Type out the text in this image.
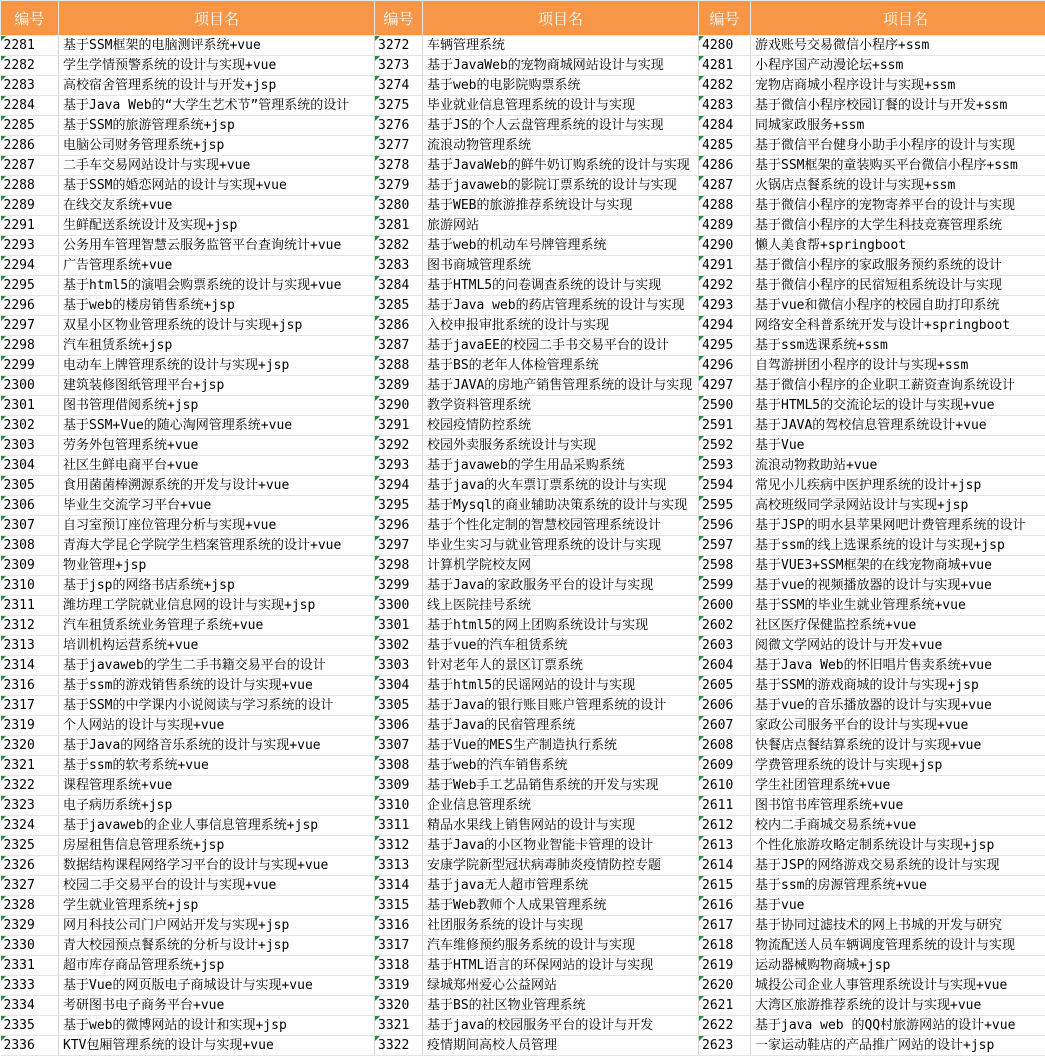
编号	项目名	编号	项目名	编号	项目名
2281	基于SSM框架的电脑测评系统+vue	3272	车辆管理系统	4280	游戏账号交易微信小程序+ssm
2282	学生学情预警系统的设计与实现+vue	3273	基于JavaWeb的宠物商城网站设计与实现	4281	小程序国产动漫论坛+ssm
2283	高校宿舍管理系统的设计与开发+jsp	3274	基于web的电影院购票系统	4282	宠物店商城小程序设计与实现+ssm
2284	基于Java Web的“大学生艺术节”管理系统的设计	3275	毕业就业信息管理系统的设计与实现	4283	基于微信小程序校园订餐的设计与开发+ssm
2285	基于SSM的旅游管理系统+jsp	3276	基于JS的个人云盘管理系统的设计与实现	4284	同城家政服务+ssm
2286	电脑公司财务管理系统+jsp	3277	流浪动物管理系统	4285	基于微信平台健身小助手小程序的设计与实现
2287	二手车交易网站设计与实现+vue	3278	基于JavaWeb的鲜牛奶订购系统的设计与实现	4286	基于SSM框架的童装购买平台微信小程序+ssm
2288	基于SSM的婚恋网站的设计与实现+vue	3279	基于javaweb的影院订票系统的设计与实现	4287	火锅店点餐系统的设计与实现+ssm
2289	在线交友系统+vue	3280	基于WEB的旅游推荐系统设计与实现	4288	基于微信小程序的宠物寄养平台的设计与实现
2291	生鲜配送系统设计及实现+jsp	3281	旅游网站	4289	基于微信小程序的大学生科技竞赛管理系统
2293	公务用车管理智慧云服务监管平台查询统计+vue	3282	基于web的机动车号牌管理系统	4290	懒人美食帮+springboot
2294	广告管理系统+vue	3283	图书商城管理系统	4291	基于微信小程序的家政服务预约系统的设计
2295	基于html5的演唱会购票系统的设计与实现+vue	3284	基于HTML5的问卷调查系统的设计与实现	4292	基于微信小程序的民宿短租系统设计与实现
2296	基于web的楼房销售系统+jsp	3285	基于Java web的药店管理系统的设计与实现	4293	基于vue和微信小程序的校园自助打印系统
2297	双星小区物业管理系统的设计与实现+jsp	3286	入校申报审批系统的设计与实现	4294	网络安全科普系统开发与设计+springboot
2298	汽车租赁系统+jsp	3287	基于javaEE的校园二手书交易平台的设计	4295	基于ssm选课系统+ssm
2299	电动车上牌管理系统的设计与实现+jsp	3288	基于BS的老年人体检管理系统	4296	自驾游拼团小程序的设计与实现+ssm
2300	建筑装修图纸管理平台+jsp	3289	基于JAVA的房地产销售管理系统的设计与实现	4297	基于微信小程序的企业职工薪资查询系统设计
2301	图书管理借阅系统+jsp	3290	教学资料管理系统	2590	基于HTML5的交流论坛的设计与实现+vue
2302	基于SSM+Vue的随心淘网管理系统+vue	3291	校园疫情防控系统	2591	基于JAVA的驾校信息管理系统设计+vue
2303	劳务外包管理系统+vue	3292	校园外卖服务系统设计与实现	2592	基于Vue
2304	社区生鲜电商平台+vue	3293	基于javaweb的学生用品采购系统	2593	流浪动物救助站+vue
2305	食用菌菌棒溯源系统的开发与设计+vue	3294	基于java的火车票订票系统的设计与实现	2594	常见小儿疾病中医护理系统的设计+jsp
2306	毕业生交流学习平台+vue	3295	基于Mysql的商业辅助决策系统的设计与实现	2595	高校班级同学录网站设计与实现+jsp
2307	自习室预订座位管理分析与实现+vue	3296	基于个性化定制的智慧校园管理系统设计	2596	基于JSP的明水县苹果网吧计费管理系统的设计
2308	青海大学昆仑学院学生档案管理系统的设计+vue	3297	毕业生实习与就业管理系统的设计与实现	2597	基于ssm的线上选课系统的设计与实现+jsp
2309	物业管理+jsp	3298	计算机学院校友网	2598	基于VUE3+SSM框架的在线宠物商城+vue
2310	基于jsp的网络书店系统+jsp	3299	基于Java的家政服务平台的设计与实现	2599	基于vue的视频播放器的设计与实现+vue
2311	潍坊理工学院就业信息网的设计与实现+jsp	3300	线上医院挂号系统	2600	基于SSM的毕业生就业管理系统+vue
2312	汽车租赁系统业务管理子系统+vue	3301	基于html5的网上团购系统设计与实现	2602	社区医疗保健监控系统+vue
2313	培训机构运营系统+vue	3302	基于vue的汽车租赁系统	2603	阅微文学网站的设计与开发+vue
2314	基于javaweb的学生二手书籍交易平台的设计	3303	针对老年人的景区订票系统	2604	基于Java Web的怀旧唱片售卖系统+vue
2316	基于ssm的游戏销售系统的设计与实现+vue	3304	基于html5的民谣网站的设计与实现	2605	基于SSM的游戏商城的设计与实现+jsp
2317	基于SSM的中学课内小说阅读与学习系统的设计	3305	基于Java的银行账目账户管理系统的设计	2606	基于vue的音乐播放器的设计与实现+vue
2319	个人网站的设计与实现+vue	3306	基于Java的民宿管理系统	2607	家政公司服务平台的设计与实现+vue
2320	基于Java的网络音乐系统的设计与实现+vue	3307	基于Vue的MES生产制造执行系统	2608	快餐店点餐结算系统的设计与实现+vue
2321	基于ssm的软考系统+vue	3308	基于web的汽车销售系统	2609	学费管理系统的设计与实现+jsp
2322	课程管理系统+vue	3309	基于Web手工艺品销售系统的开发与实现	2610	学生社团管理系统+vue
2323	电子病历系统+jsp	3310	企业信息管理系统	2611	图书馆书库管理系统+vue
2324	基于javaweb的企业人事信息管理系统+jsp	3311	精品水果线上销售网站的设计与实现	2612	校内二手商城交易系统+vue
2325	房屋租售信息管理系统+jsp	3312	基于Java的小区物业智能卡管理的设计	2613	个性化旅游攻略定制系统设计与实现+jsp
2326	数据结构课程网络学习平台的设计与实现+vue	3313	安康学院新型冠状病毒肺炎疫情防控专题	2614	基于JSP的网络游戏交易系统的设计与实现
2327	校园二手交易平台的设计与实现+vue	3314	基于java无人超市管理系统	2615	基于ssm的房源管理系统+vue
2328	学生就业管理系统+jsp	3315	基于Web教师个人成果管理系统	2616	基于vue
2329	网月科技公司门户网站开发与实现+jsp	3316	社团服务系统的设计与实现	2617	基于协同过滤技术的网上书城的开发与研究
2330	青大校园预点餐系统的分析与设计+jsp	3317	汽车维修预约服务系统的设计与实现	2618	物流配送人员车辆调度管理系统的设计与实现
2331	超市库存商品管理系统+jsp	3318	基于HTML语言的环保网站的设计与实现	2619	运动器械购物商城+jsp
2333	基于Vue的网页版电子商城设计与实现+vue	3319	绿城郑州爱心公益网站	2620	城投公司企业人事管理系统设计与实现+vue
2334	考研图书电子商务平台+vue	3320	基于BS的社区物业管理系统	2621	大湾区旅游推荐系统的设计与实现+vue
2335	基于web的微博网站的设计和实现+jsp	3321	基于java的校园服务平台的设计与开发	2622	基于java web 的QQ村旅游网站的设计+vue
2336	KTV包厢管理系统的设计与实现+vue	3322	疫情期间高校人员管理	2623	一家运动鞋店的产品推广网站的设计+jsp
